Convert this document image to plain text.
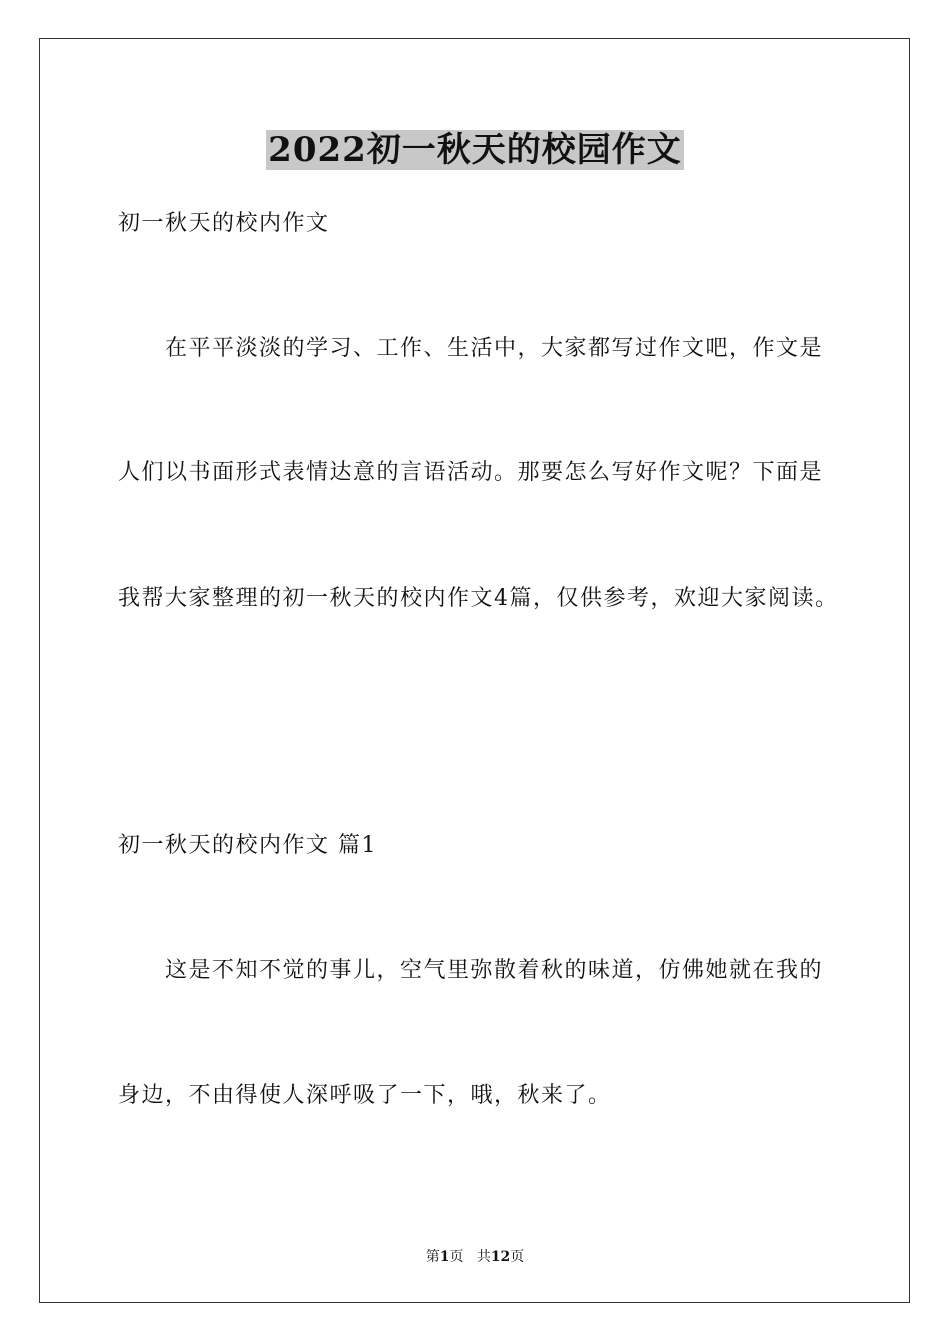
2022初一秋天的校园作文
初一秋天的校内作文
在平平淡淡的学习、工作、生活中，大家都写过作文吧，作文是
人们以书面形式表情达意的言语活动。那要怎么写好作文呢？下面是
我帮大家整理的初一秋天的校内作文4篇，仅供参考，欢迎大家阅读。
初一秋天的校内作文 篇1
这是不知不觉的事儿，空气里弥散着秋的味道，仿佛她就在我的
身边，不由得使人深呼吸了一下，哦，秋来了。
第1页 共12页
